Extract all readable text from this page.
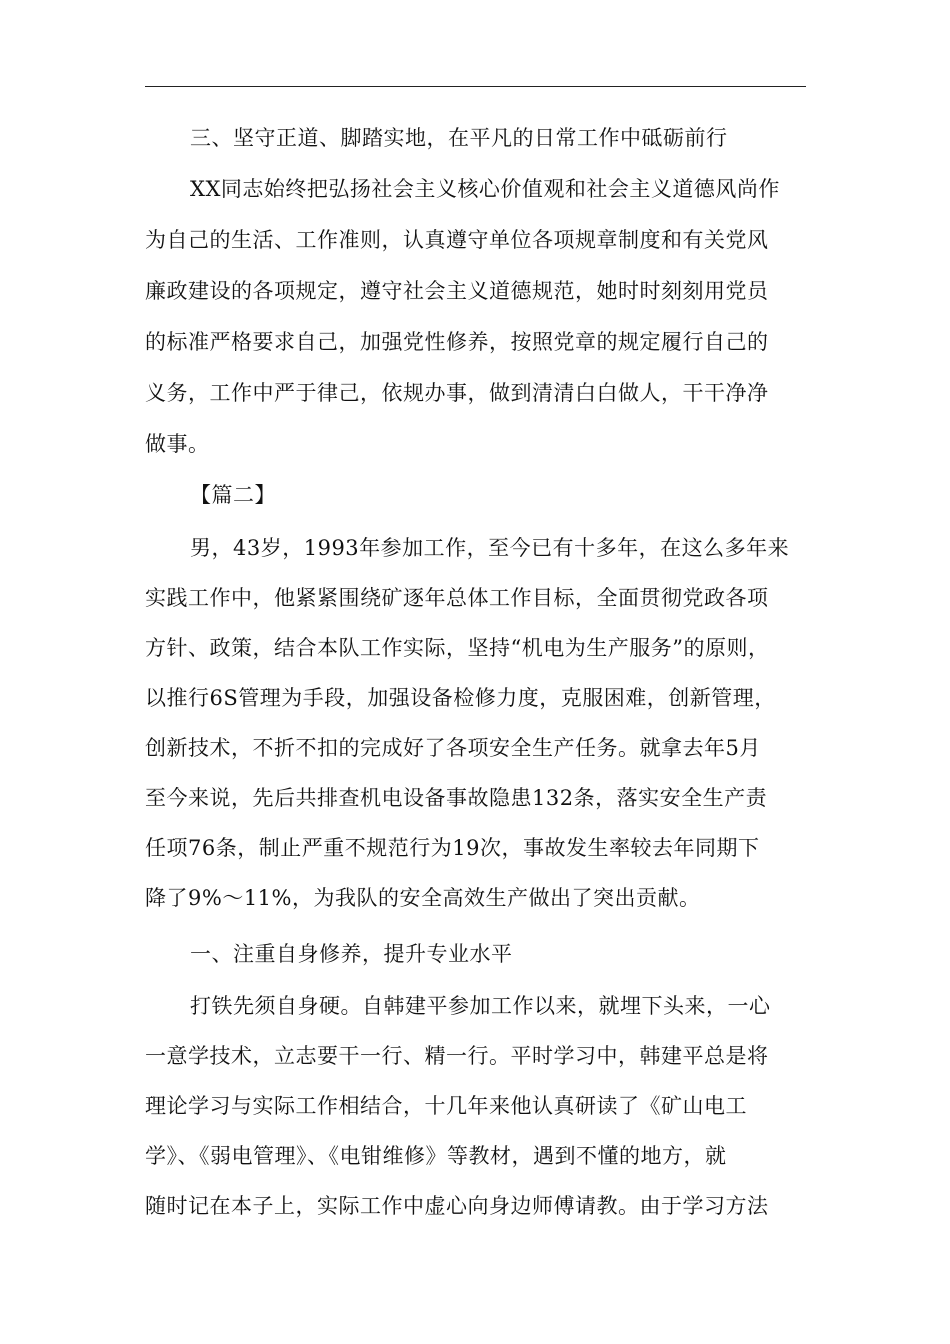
三、坚守正道、脚踏实地，在平凡的日常工作中砥砺前行
XX同志始终把弘扬社会主义核心价值观和社会主义道德风尚作
为自己的生活、工作准则，认真遵守单位各项规章制度和有关党风
廉政建设的各项规定，遵守社会主义道德规范，她时时刻刻用党员
的标准严格要求自己，加强党性修养，按照党章的规定履行自己的
义务，工作中严于律己，依规办事，做到清清白白做人，干干净净
做事。
【篇二】
男，43岁，1993年参加工作，至今已有十多年，在这么多年来
实践工作中，他紧紧围绕矿逐年总体工作目标，全面贯彻党政各项
方针、政策，结合本队工作实际，坚持“机电为生产服务”的原则，
以推行6S管理为手段，加强设备检修力度，克服困难，创新管理，
创新技术，不折不扣的完成好了各项安全生产任务。就拿去年5月
至今来说，先后共排查机电设备事故隐患132条，落实安全生产责
任项76条，制止严重不规范行为19次，事故发生率较去年同期下
降了9%～11%，为我队的安全高效生产做出了突出贡献。
一、注重自身修养，提升专业水平
打铁先须自身硬。自韩建平参加工作以来，就埋下头来，一心
一意学技术，立志要干一行、精一行。平时学习中，韩建平总是将
理论学习与实际工作相结合，十几年来他认真研读了《矿山电工
学》、《弱电管理》、《电钳维修》等教材，遇到不懂的地方，就
随时记在本子上，实际工作中虚心向身边师傅请教。由于学习方法
